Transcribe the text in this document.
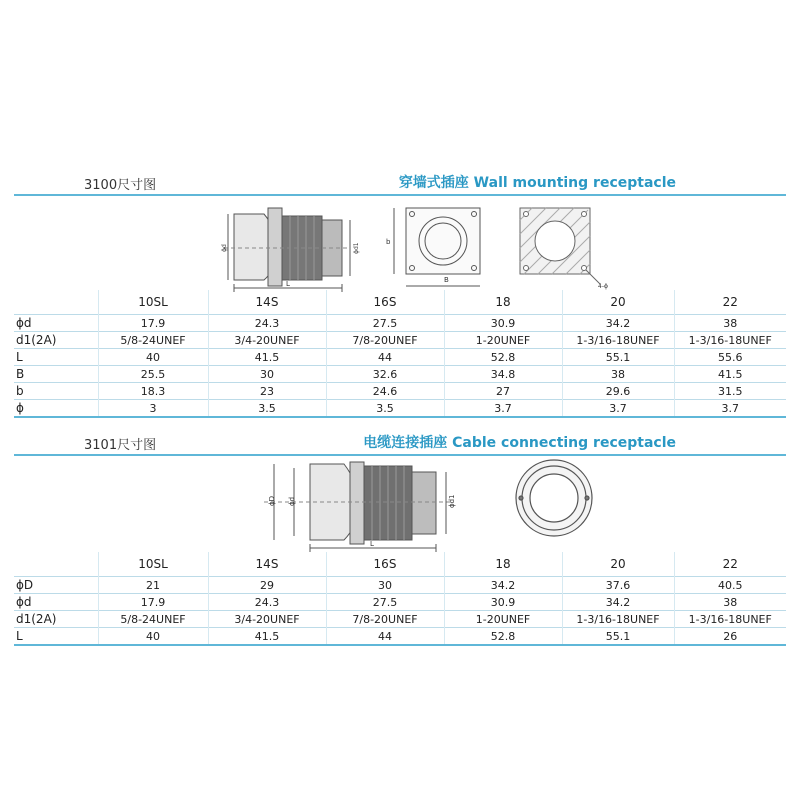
3100尺寸图	穿墙式插座 Wall mounting receptacle
L
ϕd	ϕd1
B
b
4-ϕ
	10SL	14S	16S	18	20	22
ϕd	17.9	24.3	27.5	30.9	34.2	38
d1(2A)	5/8-24UNEF	3/4-20UNEF	7/8-20UNEF	1-20UNEF	1-3/16-18UNEF	1-3/16-18UNEF
L	40	41.5	44	52.8	55.1	55.6
B	25.5	30	32.6	34.8	38	41.5
b	18.3	23	24.6	27	29.6	31.5
ϕ	3	3.5	3.5	3.7	3.7	3.7
3101尺寸图	电缆连接插座 Cable connecting receptacle
ϕD ϕd	ϕd1
L
	10SL	14S	16S	18	20	22
ϕD	21	29	30	34.2	37.6	40.5
ϕd	17.9	24.3	27.5	30.9	34.2	38
d1(2A)	5/8-24UNEF	3/4-20UNEF	7/8-20UNEF	1-20UNEF	1-3/16-18UNEF	1-3/16-18UNEF
L	40	41.5	44	52.8	55.1	26
